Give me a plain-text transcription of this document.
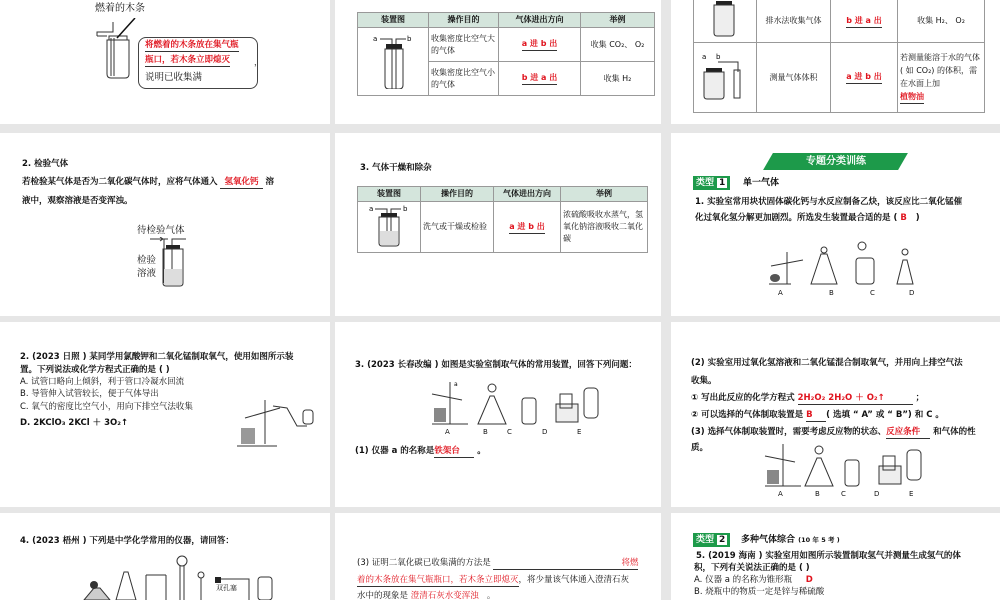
燃着的木条
将燃着的木条放在集气瓶
瓶口，若木条立即熄灭	，
说明已收集满
装置图	操作目的	气体进出方向	举例

a b	收集密度比空气大的气体	a 进 b 出	收集 CO₂、 O₂
	收集密度比空气小的气体	b 进 a 出	收集 H₂
	排水法收集气体	b 进 a 出	收集 H₂、 O₂

a b	测量气体体积	a 进 b 出	若测量能溶于水的气体 ( 如 CO₂) 的体积，需在水面上加
植物油
2. 检验气体
若检验某气体是否为二氧化碳气体时，应将气体通入 氢氧化钙 溶
液中，观察溶液是否变浑浊。
待检验气体
检验
溶液
3. 气体干燥和除杂
装置图	操作目的	气体进出方向	举例

a b	洗气或干燥或检验	a 进 b 出	浓硫酸吸收水蒸气，氢氧化钠溶液吸收二氧化碳
专题分类训练
类型 1	单一气体
1. 实验室常用块状固体碳化钙与水反应制备乙炔，该反应比二氧化锰催
化过氧化氢分解更加剧烈。所选发生装置最合适的是 ( B )
A	B	C	D
2. (2023 日照 ) 某同学用氯酸钾和二氧化锰制取氧气，使用如图所示装
置。下列说法或化学方程式正确的是 ( )
A. 试管口略向上倾斜，利于管口冷凝水回流
B. 导管伸入试管较长，便于气体导出
C. 氧气的密度比空气小，用向下排空气法收集
D. 2KClO₃ 2KCl ＋ 3O₂↑
3. (2023 长春改编 ) 如图是实验室制取气体的常用装置，回答下列问题：
a
A	B	C	D	E
(1) 仪器 a 的名称是铁架台 。
(2) 实验室用过氧化氢溶液和二氧化锰混合制取氧气，并用向上排空气法
收集。
① 写出此反应的化学方程式 2H₂O₂ 2H₂O ＋ O₂↑	；
② 可以选择的气体制取装置是 B ( 选填 “ A” 或 “ B”) 和 C 。
(3) 选择气体制取装置时，需要考虑反应物的状态、反应条件 和气体的性
质。
A	B	C	D	E
4. (2023 梧州 ) 下列是中学化学常用的仪器，请回答：
双孔塞
(3) 证明二氧化碳已收集满的方法是	将燃
着的木条放在集气瓶瓶口，若木条立即熄灭，将少量该气体通入澄清石灰
水中的现象是 澄清石灰水变浑浊 。
类型 2	多种气体综合 (10 年 5 考 )
5. (2019 海南 ) 实验室用如图所示装置制取氢气并测量生成氢气的体
积，下列有关说法正确的是 ( )
A. 仪器 a 的名称为锥形瓶 D
B. 烧瓶中的物质一定是锌与稀硫酸
